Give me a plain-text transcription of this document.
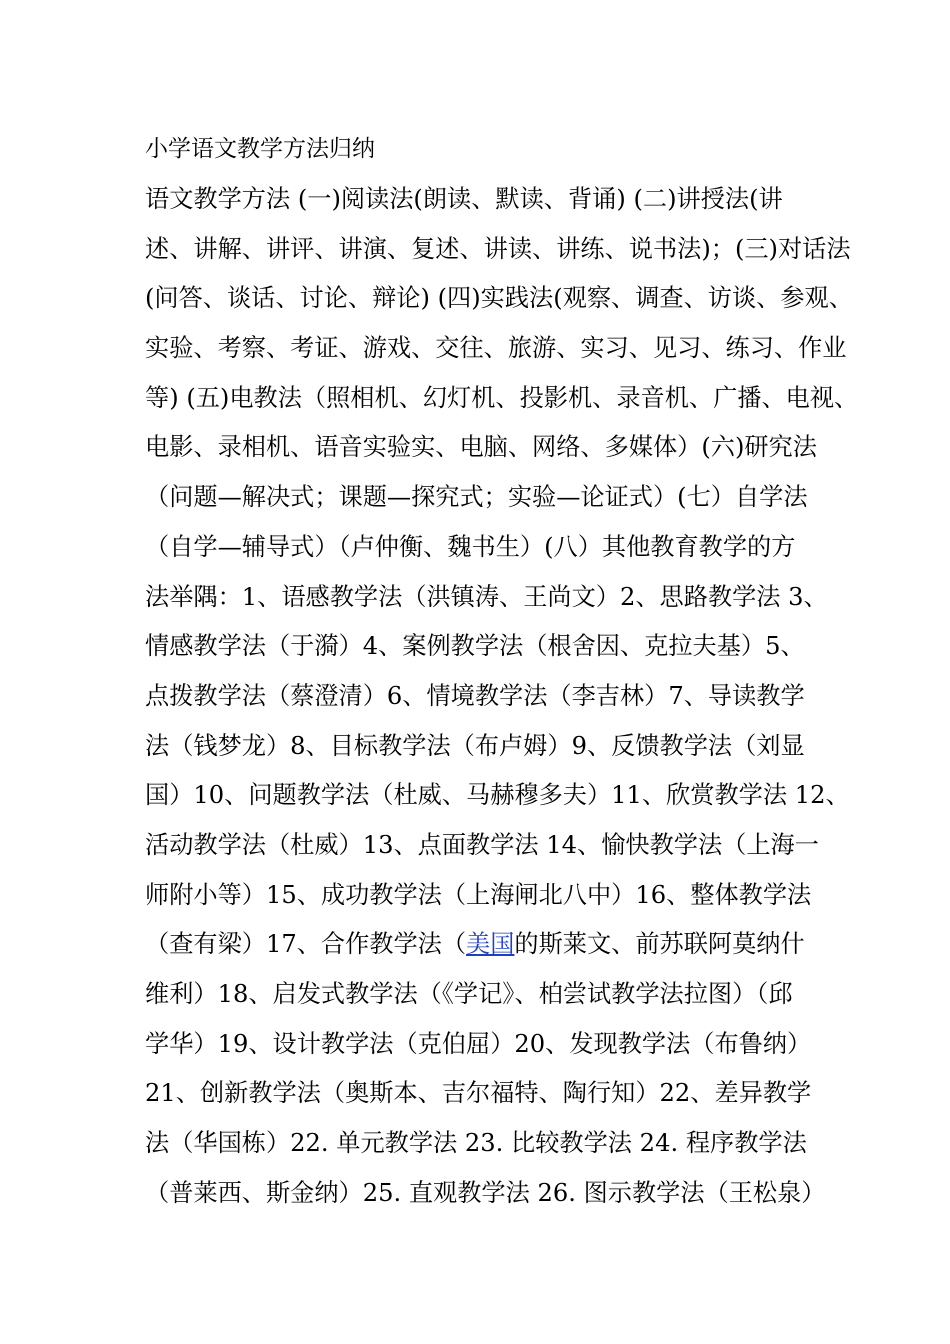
小学语文教学方法归纳
语文教学方法 (一)阅读法(朗读、默读、背诵) (二)讲授法(讲
述、讲解、讲评、讲演、复述、讲读、讲练、说书法)；(三)对话法
(问答、谈话、讨论、辩论) (四)实践法(观察、调查、访谈、参观、
实验、考察、考证、游戏、交往、旅游、实习、见习、练习、作业
等) (五)电教法（照相机、幻灯机、投影机、录音机、广播、电视、
电影、录相机、语音实验实、电脑、网络、多媒体）(六)研究法
（问题—解决式；课题—探究式；实验—论证式）(七）自学法
（自学—辅导式）（卢仲衡、魏书生）(八）其他教育教学的方
法举隅：1、语感教学法（洪镇涛、王尚文）2、思路教学法 3、
情感教学法（于漪）4、案例教学法（根舍因、克拉夫基）5、
点拨教学法（蔡澄清）6、情境教学法（李吉林）7、导读教学
法（钱梦龙）8、目标教学法（布卢姆）9、反馈教学法（刘显
国）10、问题教学法（杜威、马赫穆多夫）11、欣赏教学法 12、
活动教学法（杜威）13、点面教学法 14、愉快教学法（上海一
师附小等）15、成功教学法（上海闸北八中）16、整体教学法
（查有梁）17、合作教学法（美国的斯莱文、前苏联阿莫纳什
维利）18、启发式教学法（《学记》、柏尝试教学法拉图）（邱
学华）19、设计教学法（克伯屈）20、发现教学法（布鲁纳）
21、创新教学法（奥斯本、吉尔福特、陶行知）22、差异教学
法（华国栋）22. 单元教学法 23. 比较教学法 24. 程序教学法
（普莱西、斯金纳）25. 直观教学法 26. 图示教学法（王松泉）
